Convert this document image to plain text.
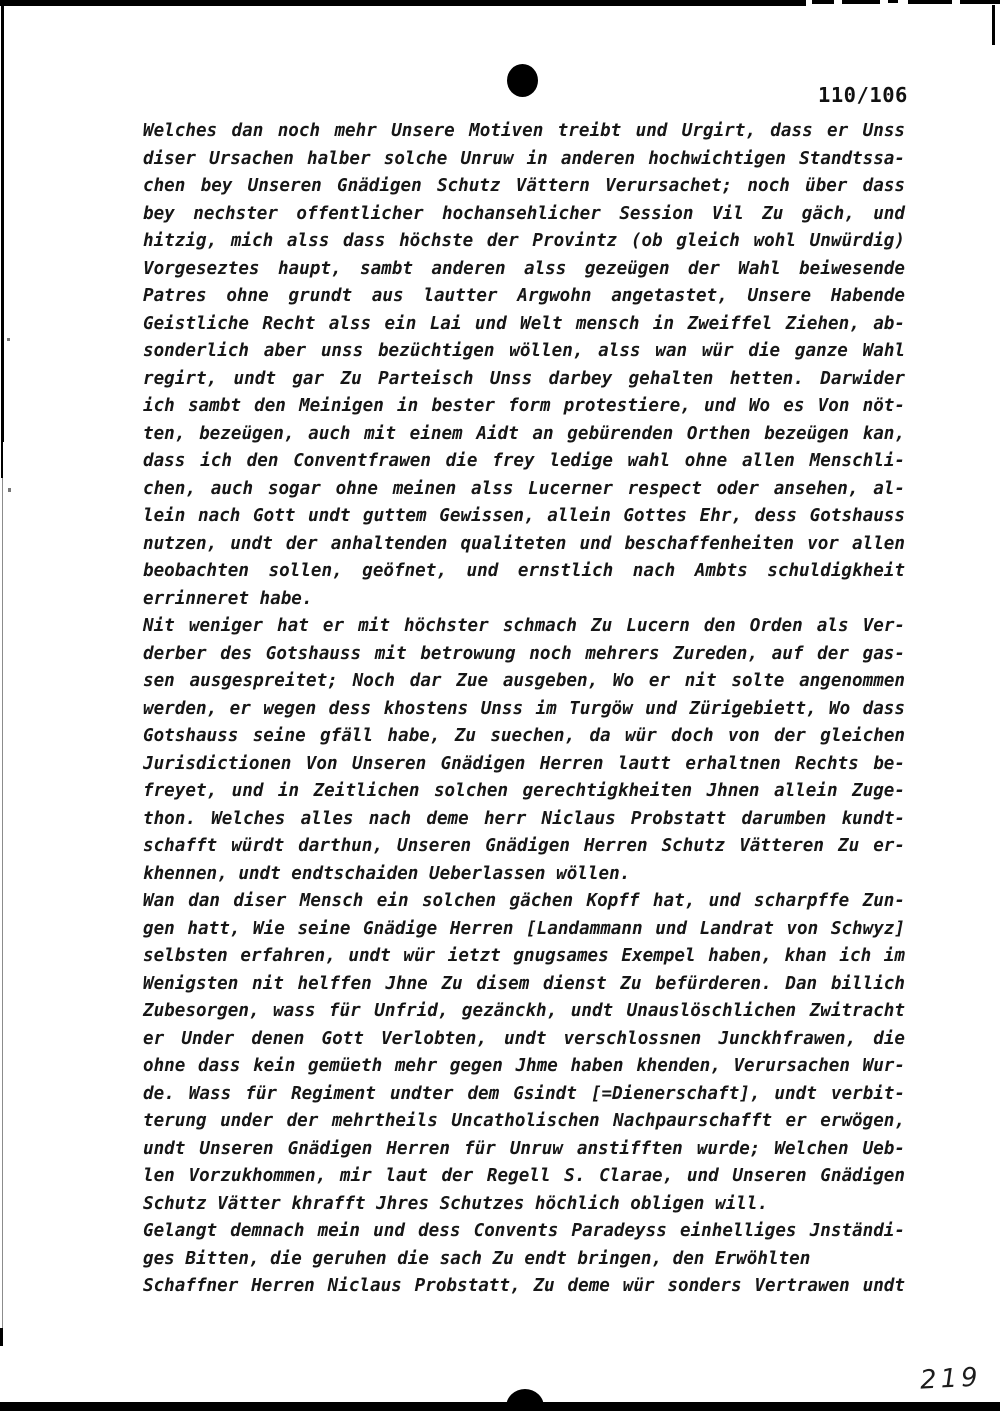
110/106
Welches dan noch mehr Unsere Motiven treibt und Urgirt, dass er Unss
diser Ursachen halber solche Unruw in anderen hochwichtigen Standtssa-
chen bey Unseren Gnädigen Schutz Vättern Verursachet; noch über dass
bey nechster offentlicher hochansehlicher Session Vil Zu gäch, und
hitzig, mich alss dass höchste der Provintz (ob gleich wohl Unwürdig)
Vorgeseztes haupt, sambt anderen alss gezeügen der Wahl beiwesende
Patres ohne grundt aus lautter Argwohn angetastet, Unsere Habende
Geistliche Recht alss ein Lai und Welt mensch in Zweiffel Ziehen, ab-
sonderlich aber unss bezüchtigen wöllen, alss wan wür die ganze Wahl
regirt, undt gar Zu Parteisch Unss darbey gehalten hetten. Darwider
ich sambt den Meinigen in bester form protestiere, und Wo es Von nöt-
ten, bezeügen, auch mit einem Aidt an gebürenden Orthen bezeügen kan,
dass ich den Conventfrawen die frey ledige wahl ohne allen Menschli-
chen, auch sogar ohne meinen alss Lucerner respect oder ansehen, al-
lein nach Gott undt guttem Gewissen, allein Gottes Ehr, dess Gotshauss
nutzen, undt der anhaltenden qualiteten und beschaffenheiten vor allen
beobachten sollen, geöfnet, und ernstlich nach Ambts schuldigkheit
errinneret habe.
Nit weniger hat er mit höchster schmach Zu Lucern den Orden als Ver-
derber des Gotshauss mit betrowung noch mehrers Zureden, auf der gas-
sen ausgespreitet; Noch dar Zue ausgeben, Wo er nit solte angenommen
werden, er wegen dess khostens Unss im Turgöw und Zürigebiett, Wo dass
Gotshauss seine gfäll habe, Zu suechen, da wür doch von der gleichen
Jurisdictionen Von Unseren Gnädigen Herren lautt erhaltnen Rechts be-
freyet, und in Zeitlichen solchen gerechtigkheiten Jhnen allein Zuge-
thon. Welches alles nach deme herr Niclaus Probstatt darumben kundt-
schafft würdt darthun, Unseren Gnädigen Herren Schutz Vätteren Zu er-
khennen, undt endtschaiden Ueberlassen wöllen.
Wan dan diser Mensch ein solchen gächen Kopff hat, und scharpffe Zun-
gen hatt, Wie seine Gnädige Herren [Landammann und Landrat von Schwyz]
selbsten erfahren, undt wür ietzt gnugsames Exempel haben, khan ich im
Wenigsten nit helffen Jhne Zu disem dienst Zu befürderen. Dan billich
Zubesorgen, wass für Unfrid, gezänckh, undt Unauslöschlichen Zwitracht
er Under denen Gott Verlobten, undt verschlossnen Junckhfrawen, die
ohne dass kein gemüeth mehr gegen Jhme haben khenden, Verursachen Wur-
de. Wass für Regiment undter dem Gsindt [=Dienerschaft], undt verbit-
terung under der mehrtheils Uncatholischen Nachpaurschafft er erwögen,
undt Unseren Gnädigen Herren für Unruw anstifften wurde; Welchen Ueb-
len Vorzukhommen, mir laut der Regell S. Clarae, und Unseren Gnädigen
Schutz Vätter khrafft Jhres Schutzes höchlich obligen will.
Gelangt demnach mein und dess Convents Paradeyss einhelliges Jnständi-
ges Bitten, die geruhen die sach Zu endt bringen, den Erwöhlten
Schaffner Herren Niclaus Probstatt, Zu deme wür sonders Vertrawen undt
219
